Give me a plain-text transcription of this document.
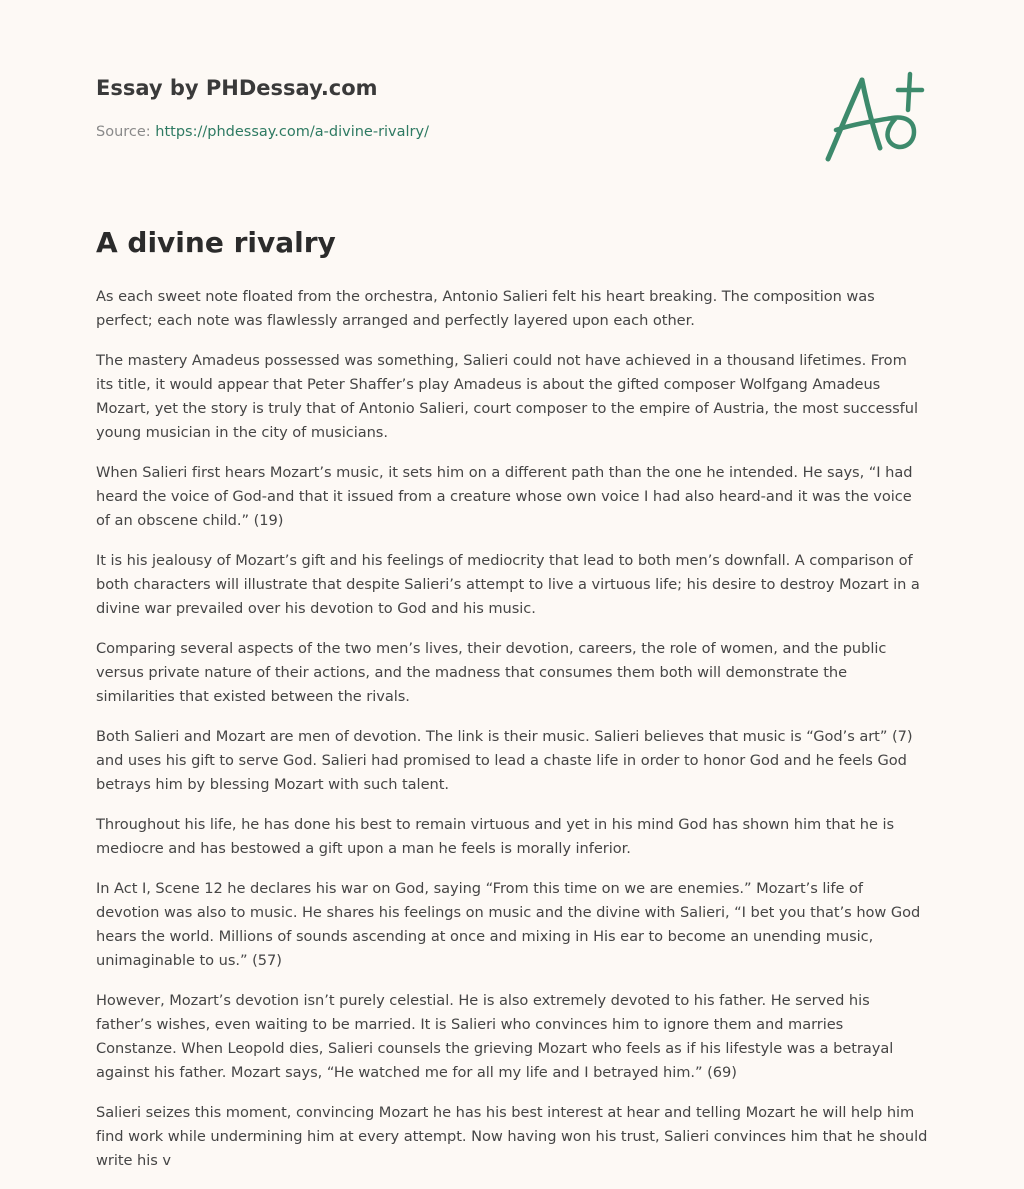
Essay by PHDessay.com
Source: https://phdessay.com/a-divine-rivalry/
A divine rivalry

As each sweet note floated from the orchestra, Antonio Salieri felt his heart breaking. The composition was perfect; each note was flawlessly arranged and perfectly layered upon each other.

The mastery Amadeus possessed was something, Salieri could not have achieved in a thousand lifetimes. From its title, it would appear that Peter Shaffer’s play Amadeus is about the gifted composer Wolfgang Amadeus Mozart, yet the story is truly that of Antonio Salieri, court composer to the empire of Austria, the most successful young musician in the city of musicians.

When Salieri first hears Mozart’s music, it sets him on a different path than the one he intended. He says, “I had heard the voice of God-and that it issued from a creature whose own voice I had also heard-and it was the voice of an obscene child.” (19)

It is his jealousy of Mozart’s gift and his feelings of mediocrity that lead to both men’s downfall. A comparison of both characters will illustrate that despite Salieri’s attempt to live a virtuous life; his desire to destroy Mozart in a divine war prevailed over his devotion to God and his music.

Comparing several aspects of the two men’s lives, their devotion, careers, the role of women, and the public versus private nature of their actions, and the madness that consumes them both will demonstrate the similarities that existed between the rivals.

Both Salieri and Mozart are men of devotion. The link is their music. Salieri believes that music is “God’s art” (7) and uses his gift to serve God. Salieri had promised to lead a chaste life in order to honor God and he feels God betrays him by blessing Mozart with such talent.

Throughout his life, he has done his best to remain virtuous and yet in his mind God has shown him that he is mediocre and has bestowed a gift upon a man he feels is morally inferior.

In Act I, Scene 12 he declares his war on God, saying “From this time on we are enemies.” Mozart’s life of devotion was also to music. He shares his feelings on music and the divine with Salieri, “I bet you that’s how God hears the world. Millions of sounds ascending at once and mixing in His ear to become an unending music, unimaginable to us.” (57)

However, Mozart’s devotion isn’t purely celestial. He is also extremely devoted to his father. He served his father’s wishes, even waiting to be married. It is Salieri who convinces him to ignore them and marries Constanze. When Leopold dies, Salieri counsels the grieving Mozart who feels as if his lifestyle was a betrayal against his father. Mozart says, “He watched me for all my life and I betrayed him.” (69)

Salieri seizes this moment, convincing Mozart he has his best interest at hear and telling Mozart he will help him find work while undermining him at every attempt. Now having won his trust, Salieri convinces him that he should write his v
